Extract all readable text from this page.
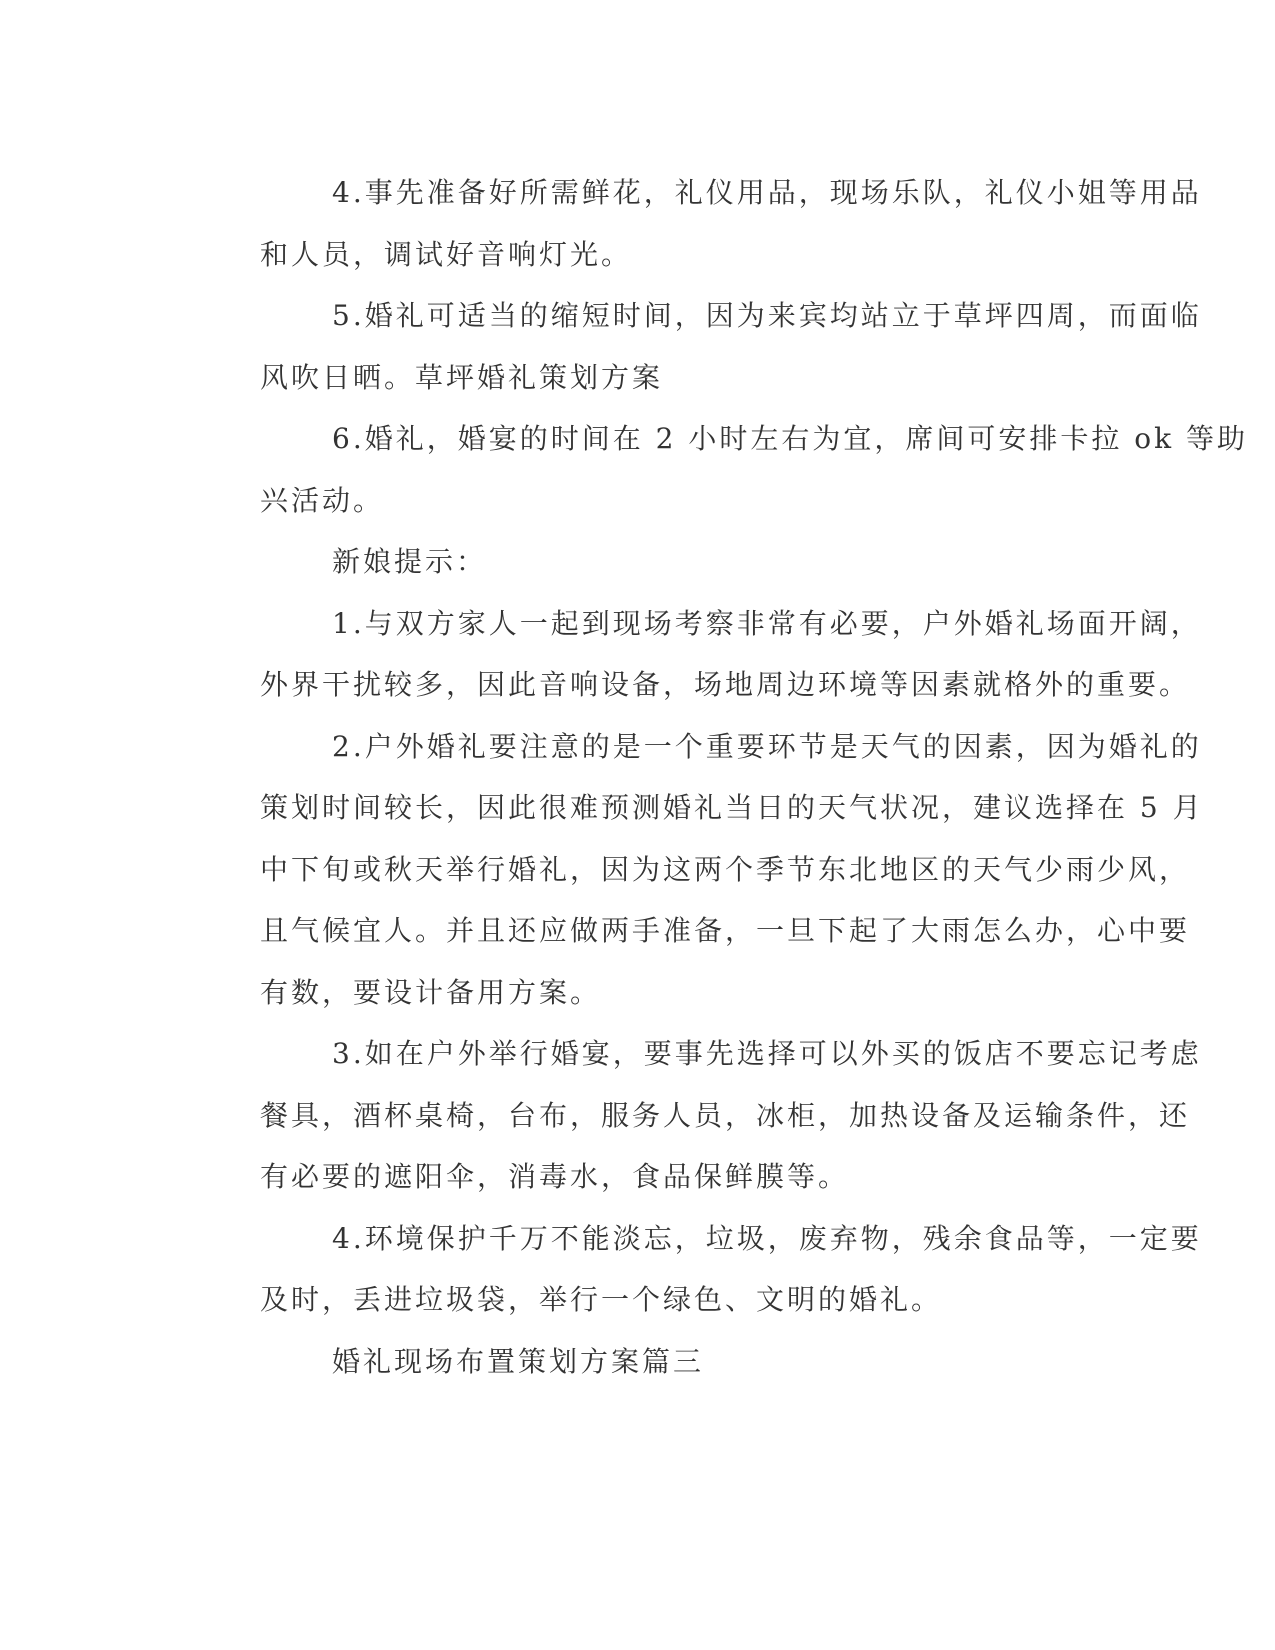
4.事先准备好所需鲜花，礼仪用品，现场乐队，礼仪小姐等用品
和人员，调试好音响灯光。
5.婚礼可适当的缩短时间，因为来宾均站立于草坪四周，而面临
风吹日晒。草坪婚礼策划方案
6.婚礼，婚宴的时间在 2 小时左右为宜，席间可安排卡拉 ok 等助
兴活动。
新娘提示：
1.与双方家人一起到现场考察非常有必要，户外婚礼场面开阔，
外界干扰较多，因此音响设备，场地周边环境等因素就格外的重要。
2.户外婚礼要注意的是一个重要环节是天气的因素，因为婚礼的
策划时间较长，因此很难预测婚礼当日的天气状况，建议选择在 5 月
中下旬或秋天举行婚礼，因为这两个季节东北地区的天气少雨少风，
且气候宜人。并且还应做两手准备，一旦下起了大雨怎么办，心中要
有数，要设计备用方案。
3.如在户外举行婚宴，要事先选择可以外买的饭店不要忘记考虑
餐具，酒杯桌椅，台布，服务人员，冰柜，加热设备及运输条件，还
有必要的遮阳伞，消毒水，食品保鲜膜等。
4.环境保护千万不能淡忘，垃圾，废弃物，残余食品等，一定要
及时，丢进垃圾袋，举行一个绿色、文明的婚礼。
婚礼现场布置策划方案篇三
